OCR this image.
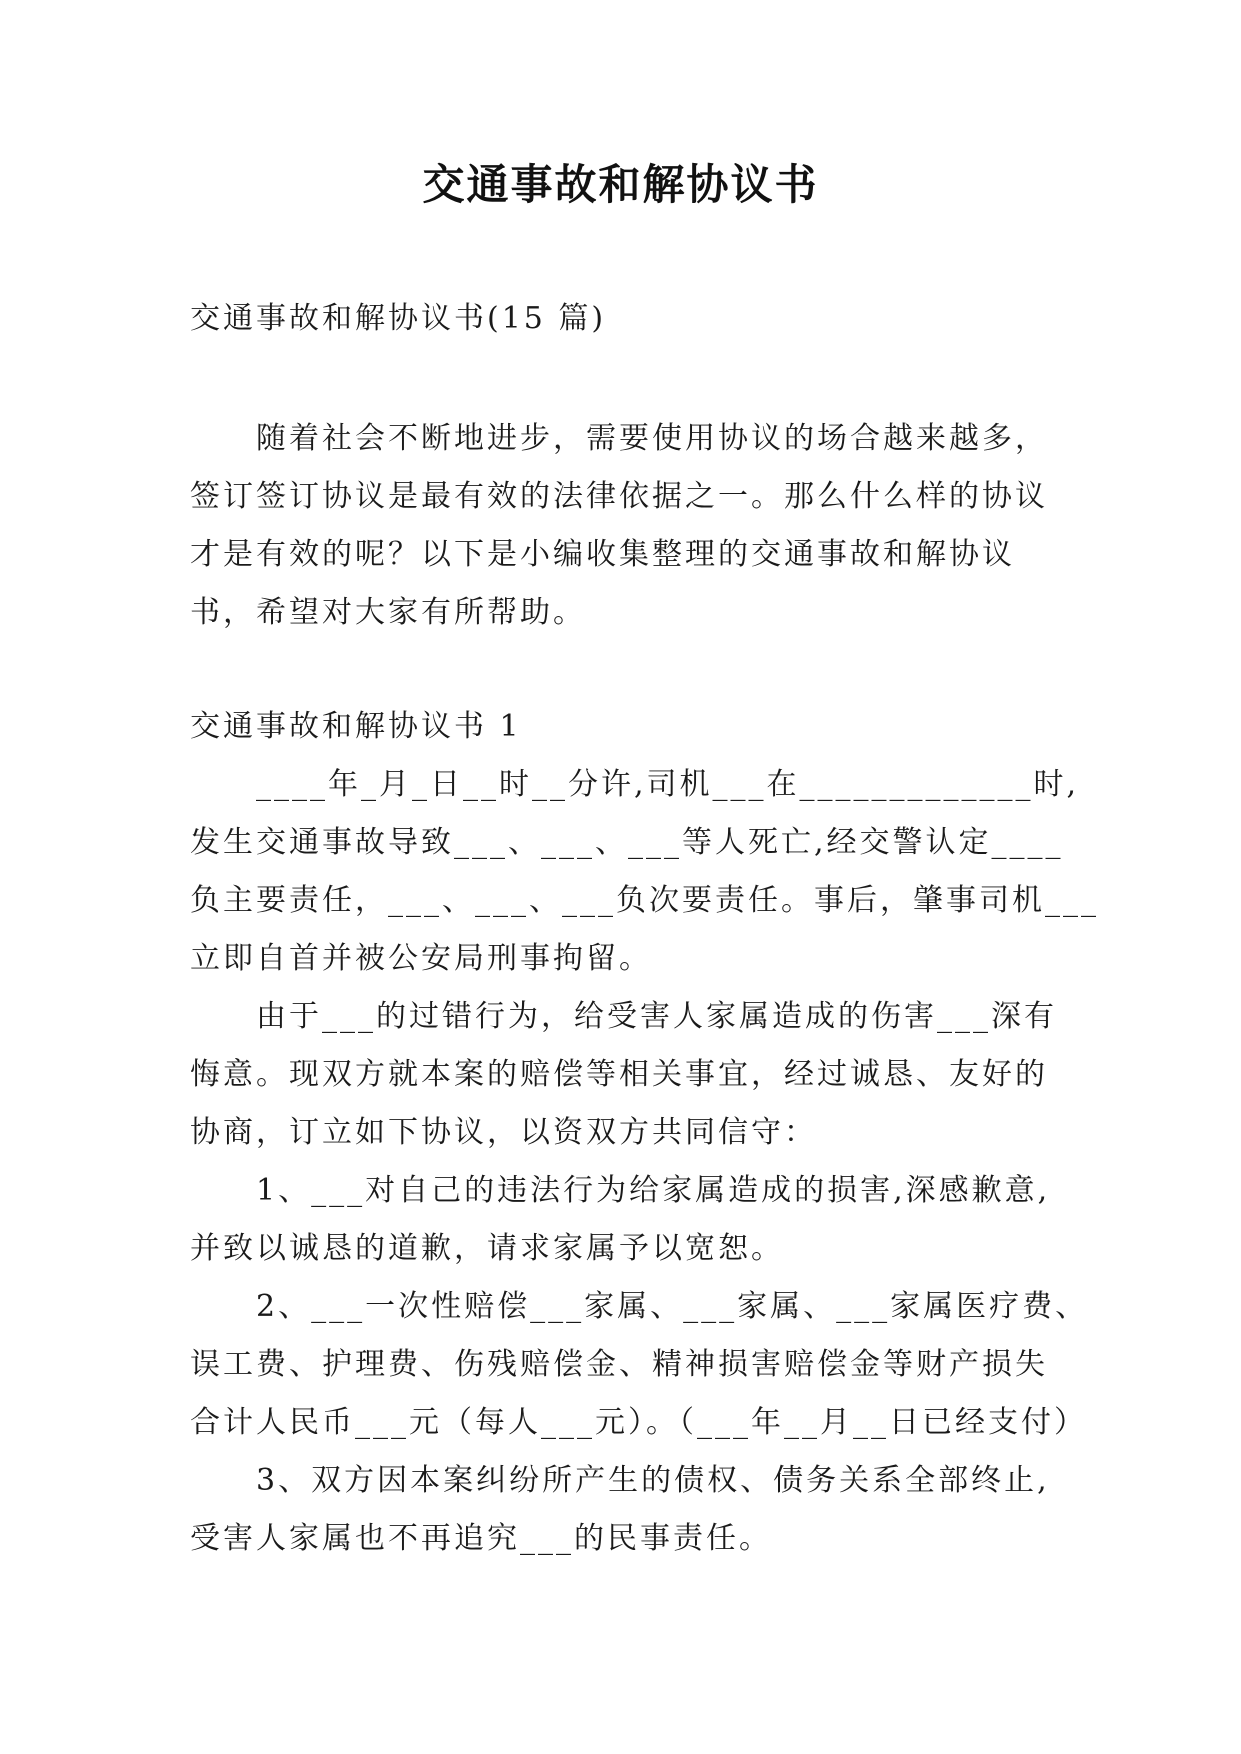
交通事故和解协议书
交通事故和解协议书(15 篇)
随着社会不断地进步，需要使用协议的场合越来越多，
签订签订协议是最有效的法律依据之一。那么什么样的协议
才是有效的呢？以下是小编收集整理的交通事故和解协议
书，希望对大家有所帮助。
交通事故和解协议书 1
____年_月_日__时__分许,司机___在_____________时,
发生交通事故导致___、___、___等人死亡,经交警认定____
负主要责任，___、___、___负次要责任。事后，肇事司机___
立即自首并被公安局刑事拘留。
由于___的过错行为，给受害人家属造成的伤害___深有
悔意。现双方就本案的赔偿等相关事宜，经过诚恳、友好的
协商，订立如下协议，以资双方共同信守：
1、___对自己的违法行为给家属造成的损害,深感歉意,
并致以诚恳的道歉，请求家属予以宽恕。
2、___一次性赔偿___家属、___家属、___家属医疗费、
误工费、护理费、伤残赔偿金、精神损害赔偿金等财产损失
合计人民币___元（每人___元）。（___年__月__日已经支付）
3、双方因本案纠纷所产生的债权、债务关系全部终止,
受害人家属也不再追究___的民事责任。
